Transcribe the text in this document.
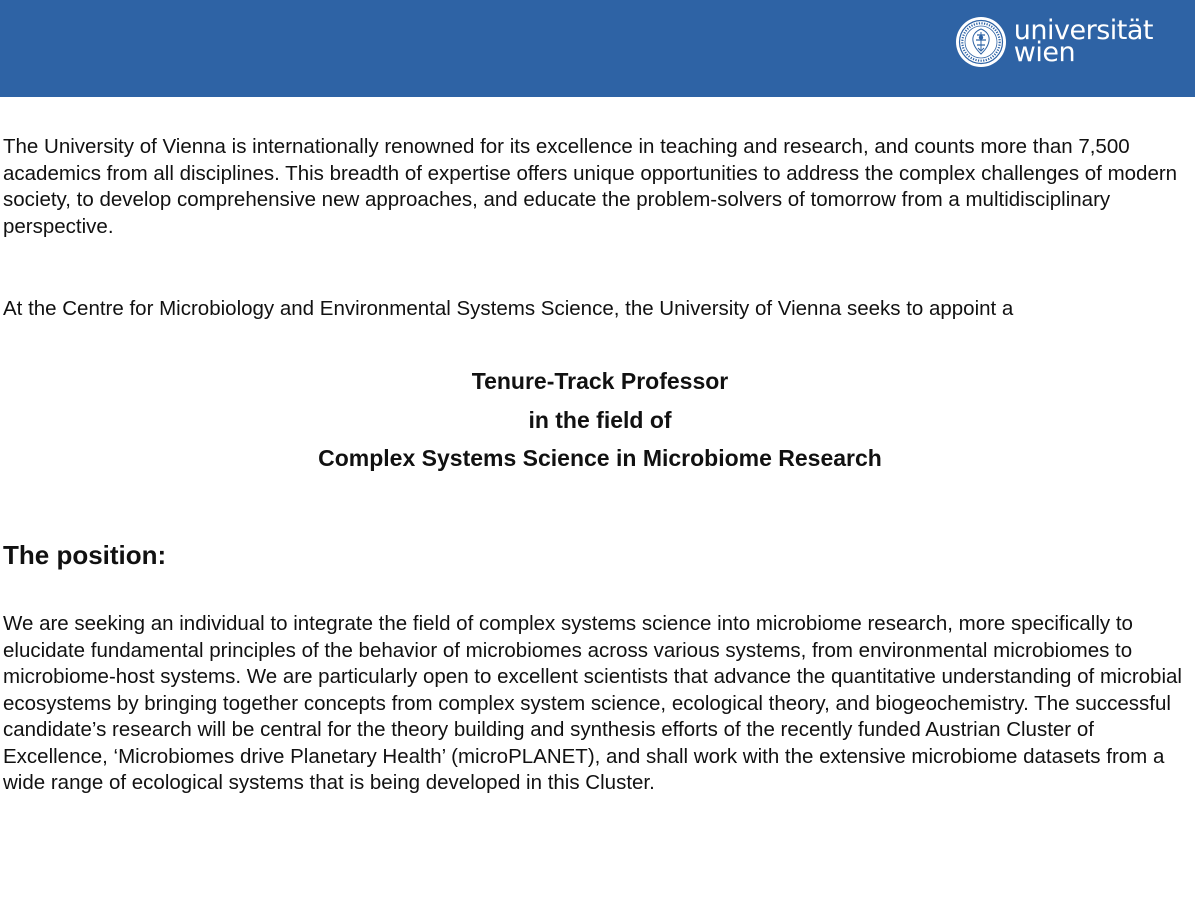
universität
wien

The University of Vienna is internationally renowned for its excellence in teaching and research, and counts more than 7,500 academics from all disciplines. This breadth of expertise offers unique opportunities to address the complex challenges of modern society, to develop comprehensive new approaches, and educate the problem-solvers of tomorrow from a multidisciplinary perspective.

At the Centre for Microbiology and Environmental Systems Science, the University of Vienna seeks to appoint a

Tenure-Track Professor
in the field of
Complex Systems Science in Microbiome Research
The position:

We are seeking an individual to integrate the field of complex systems science into microbiome research, more specifically to elucidate fundamental principles of the behavior of microbiomes across various systems, from environmental microbiomes to microbiome-host systems. We are particularly open to excellent scientists that advance the quantitative understanding of microbial ecosystems by bringing together concepts from complex system science, ecological theory, and biogeochemistry. The successful candidate’s research will be central for the theory building and synthesis efforts of the recently funded Austrian Cluster of Excellence, ‘Microbiomes drive Planetary Health’ (microPLANET), and shall work with the extensive microbiome datasets from a wide range of ecological systems that is being developed in this Cluster.
